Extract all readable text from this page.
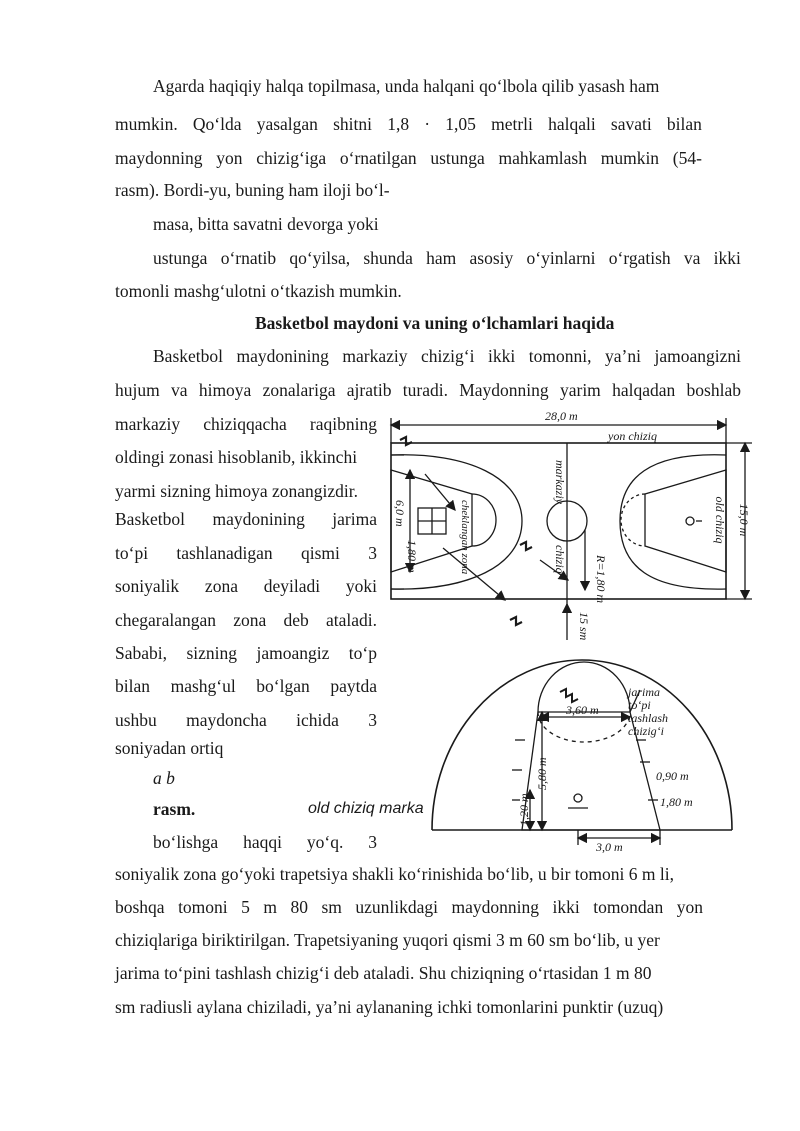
Agarda haqiqiy halqa topilmasa, unda halqani qoʻlbola qilib yasash ham
mumkin. Qoʻlda yasalgan shitni 1,8 · 1,05 metrli halqali savati bilan
maydonning yon chizigʻiga oʻrnatilgan ustunga mahkamlash mumkin (54-
rasm). Bordi-yu, buning ham iloji boʻl-
masa, bitta savatni devorga yoki
ustunga oʻrnatib qoʻyilsa, shunda ham asosiy oʻyinlarni oʻrgatish va ikki
tomonli mashgʻulotni oʻtkazish mumkin.
Basketbol maydoni va uning oʻlchamlari haqida
Basketbol maydonining markaziy chizigʻi ikki tomonni, yaʼni jamoangizni
hujum va himoya zonalariga ajratib turadi. Maydonning yarim halqadan boshlab
markaziy chiziqqacha raqibning
oldingi zonasi hisoblanib, ikkinchi
yarmi sizning himoya zonangizdir.
Basketbol maydonining jarima
toʻpi tashlanadigan qismi 3
soniyalik zona deyiladi yoki
chegaralangan zona deb ataladi.
Sababi, sizning jamoangiz toʻp
bilan mashgʻul boʻlgan paytda
ushbu maydoncha ichida 3
soniyadan ortiq
a b
rasm.	old chiziq marka
boʻlishga haqqi yoʻq. 3
soniyalik zona goʻyoki trapetsiya shakli koʻrinishida boʻlib, u bir tomoni 6 m li,
boshqa tomoni 5 m 80 sm uzunlikdagi maydonning ikki tomondan yon
chiziqlariga biriktirilgan. Trapetsiyaning yuqori qismi 3 m 60 sm boʻlib, u yer
jarima toʻpini tashlash chizigʻi deb ataladi. Shu chiziqning oʻrtasidan 1 m 80
sm radiusli aylana chiziladi, yaʼni aylananing ichki tomonlarini punktir (uzuq)
28,0 m
yon chiziq
markaziy
chiziq
15,0 m
old chiziq
R=1,80 m
6,0 m
1,80 m	cheklangan zona
15 sm
jarima
toʻpi
tashlash
chizigʻi
3,60 m
5,80 m
1,20 m
0,90 m
1,80 m
3,0 m
